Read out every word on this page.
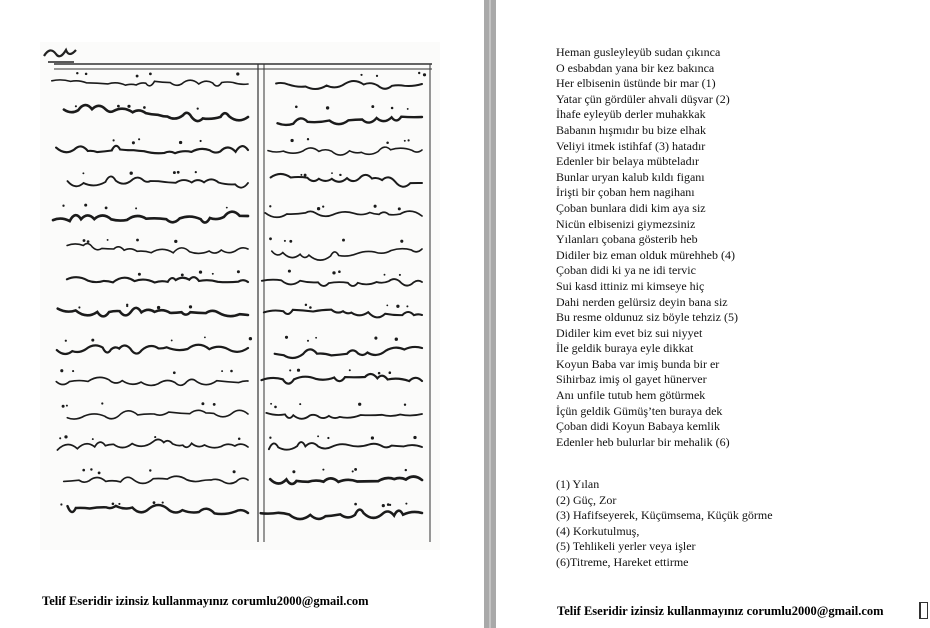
Telif Eseridir izinsiz kullanmayınız corumlu2000@gmail.com
Heman gusleyleyüb sudan çıkınca
O esbabdan yana bir kez bakınca
Her elbisenin üstünde bir mar (1)
Yatar çün gördüler ahvali düşvar (2)
İhafe eyleyüb derler muhakkak
Babanın hışmıdır bu bize elhak
Veliyi itmek istihfaf (3) hatadır
Edenler bir belaya mübteladır
Bunlar uryan kalub kıldı figanı
İrişti bir çoban hem nagihanı
Çoban bunlara didi kim aya siz
Nicün elbisenizi giymezsiniz
Yılanları çobana gösterib heb
Didiler biz eman olduk mürehheb (4)
Çoban didi ki ya ne idi tervic
Sui kasd ittiniz mi kimseye hiç
Dahi nerden gelürsiz deyin bana siz
Bu resme oldunuz siz böyle tehziz (5)
Didiler kim evet biz sui niyyet
İle geldik buraya eyle dikkat
Koyun Baba var imiş bunda bir er
Sihirbaz imiş ol gayet hünerver
Anı unfile tutub hem götürmek
İçün geldik Gümüş’ten buraya dek
Çoban didi Koyun Babaya kemlik
Edenler heb bulurlar bir mehalik (6)
(1) Yılan
(2) Güç, Zor
(3) Hafifseyerek, Küçümsema, Küçük görme
(4) Korkutulmuş,
(5) Tehlikeli yerler veya işler
(6)Titreme, Hareket ettirme
Telif Eseridir izinsiz kullanmayınız corumlu2000@gmail.com
